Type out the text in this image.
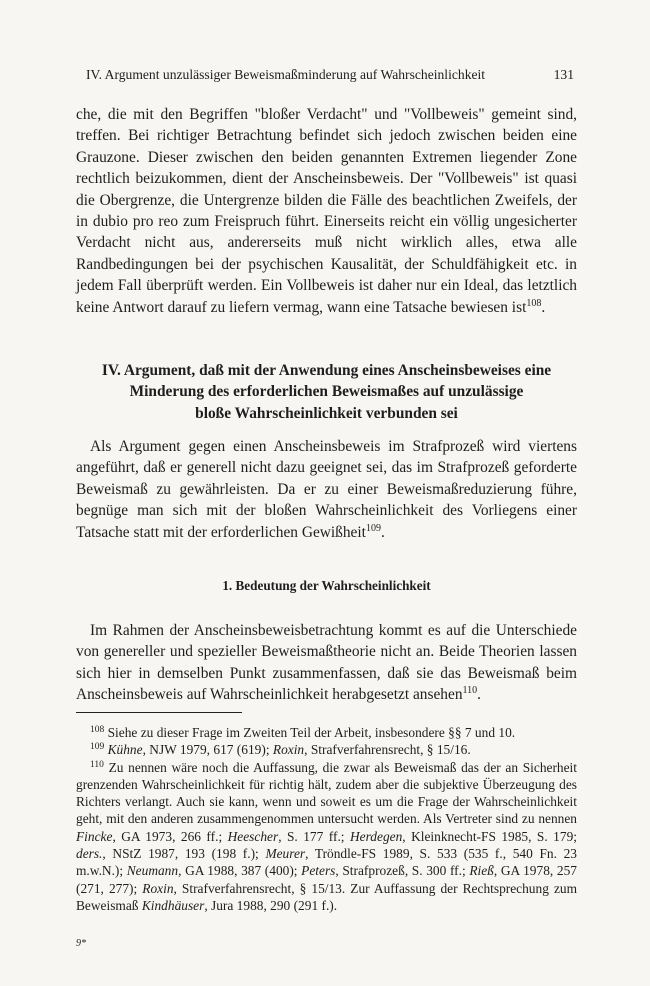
IV. Argument unzulässiger Beweismaßminderung auf Wahrscheinlichkeit	131

che, die mit den Begriffen "bloßer Verdacht" und "Vollbeweis" gemeint sind, treffen. Bei richtiger Betrachtung befindet sich jedoch zwischen beiden eine Grauzone. Dieser zwischen den beiden genannten Extremen liegender Zone rechtlich beizukommen, dient der Anscheinsbeweis. Der "Vollbeweis" ist quasi die Obergrenze, die Untergrenze bilden die Fälle des beachtlichen Zweifels, der in dubio pro reo zum Freispruch führt. Einerseits reicht ein völlig ungesicherter Verdacht nicht aus, andererseits muß nicht wirklich alles, etwa alle Randbedingungen bei der psychischen Kausalität, der Schuldfähigkeit etc. in jedem Fall überprüft werden. Ein Vollbeweis ist daher nur ein Ideal, das letztlich keine Antwort darauf zu liefern vermag, wann eine Tatsache bewiesen ist$^{108}$.

IV. Argument, daß mit der Anwendung eines Anscheinsbeweises eine
Minderung des erforderlichen Beweismaßes auf unzulässige
bloße Wahrscheinlichkeit verbunden sei

Als Argument gegen einen Anscheinsbeweis im Strafprozeß wird viertens angeführt, daß er generell nicht dazu geeignet sei, das im Strafprozeß geforderte Beweismaß zu gewährleisten. Da er zu einer Beweismaßreduzierung führe, begnüge man sich mit der bloßen Wahrscheinlichkeit des Vorliegens einer Tatsache statt mit der erforderlichen Gewißheit$^{109}$.

1. Bedeutung der Wahrscheinlichkeit

Im Rahmen der Anscheinsbeweisbetrachtung kommt es auf die Unterschiede von genereller und spezieller Beweismaßtheorie nicht an. Beide Theorien lassen sich hier in demselben Punkt zusammenfassen, daß sie das Beweismaß beim Anscheinsbeweis auf Wahrscheinlichkeit herabgesetzt ansehen$^{110}$.

$^{108}$ Siehe zu dieser Frage im Zweiten Teil der Arbeit, insbesondere §§ 7 und 10.

$^{109}$ Kühne, NJW 1979, 617 (619); Roxin, Strafverfahrensrecht, § 15/16.

$^{110}$ Zu nennen wäre noch die Auffassung, die zwar als Beweismaß das der an Sicherheit grenzenden Wahrscheinlichkeit für richtig hält, zudem aber die subjektive Überzeugung des Richters verlangt. Auch sie kann, wenn und soweit es um die Frage der Wahrscheinlichkeit geht, mit den anderen zusammengenommen untersucht werden. Als Vertreter sind zu nennen Fincke, GA 1973, 266 ff.; Heescher, S. 177 ff.; Herdegen, Kleinknecht-FS 1985, S. 179; ders., NStZ 1987, 193 (198 f.); Meurer, Tröndle-FS 1989, S. 533 (535 f., 540 Fn. 23 m.w.N.); Neumann, GA 1988, 387 (400); Peters, Strafprozeß, S. 300 ff.; Rieß, GA 1978, 257 (271, 277); Roxin, Strafverfahrensrecht, § 15/13. Zur Auffassung der Rechtsprechung zum Beweismaß Kindhäuser, Jura 1988, 290 (291 f.).

9*
